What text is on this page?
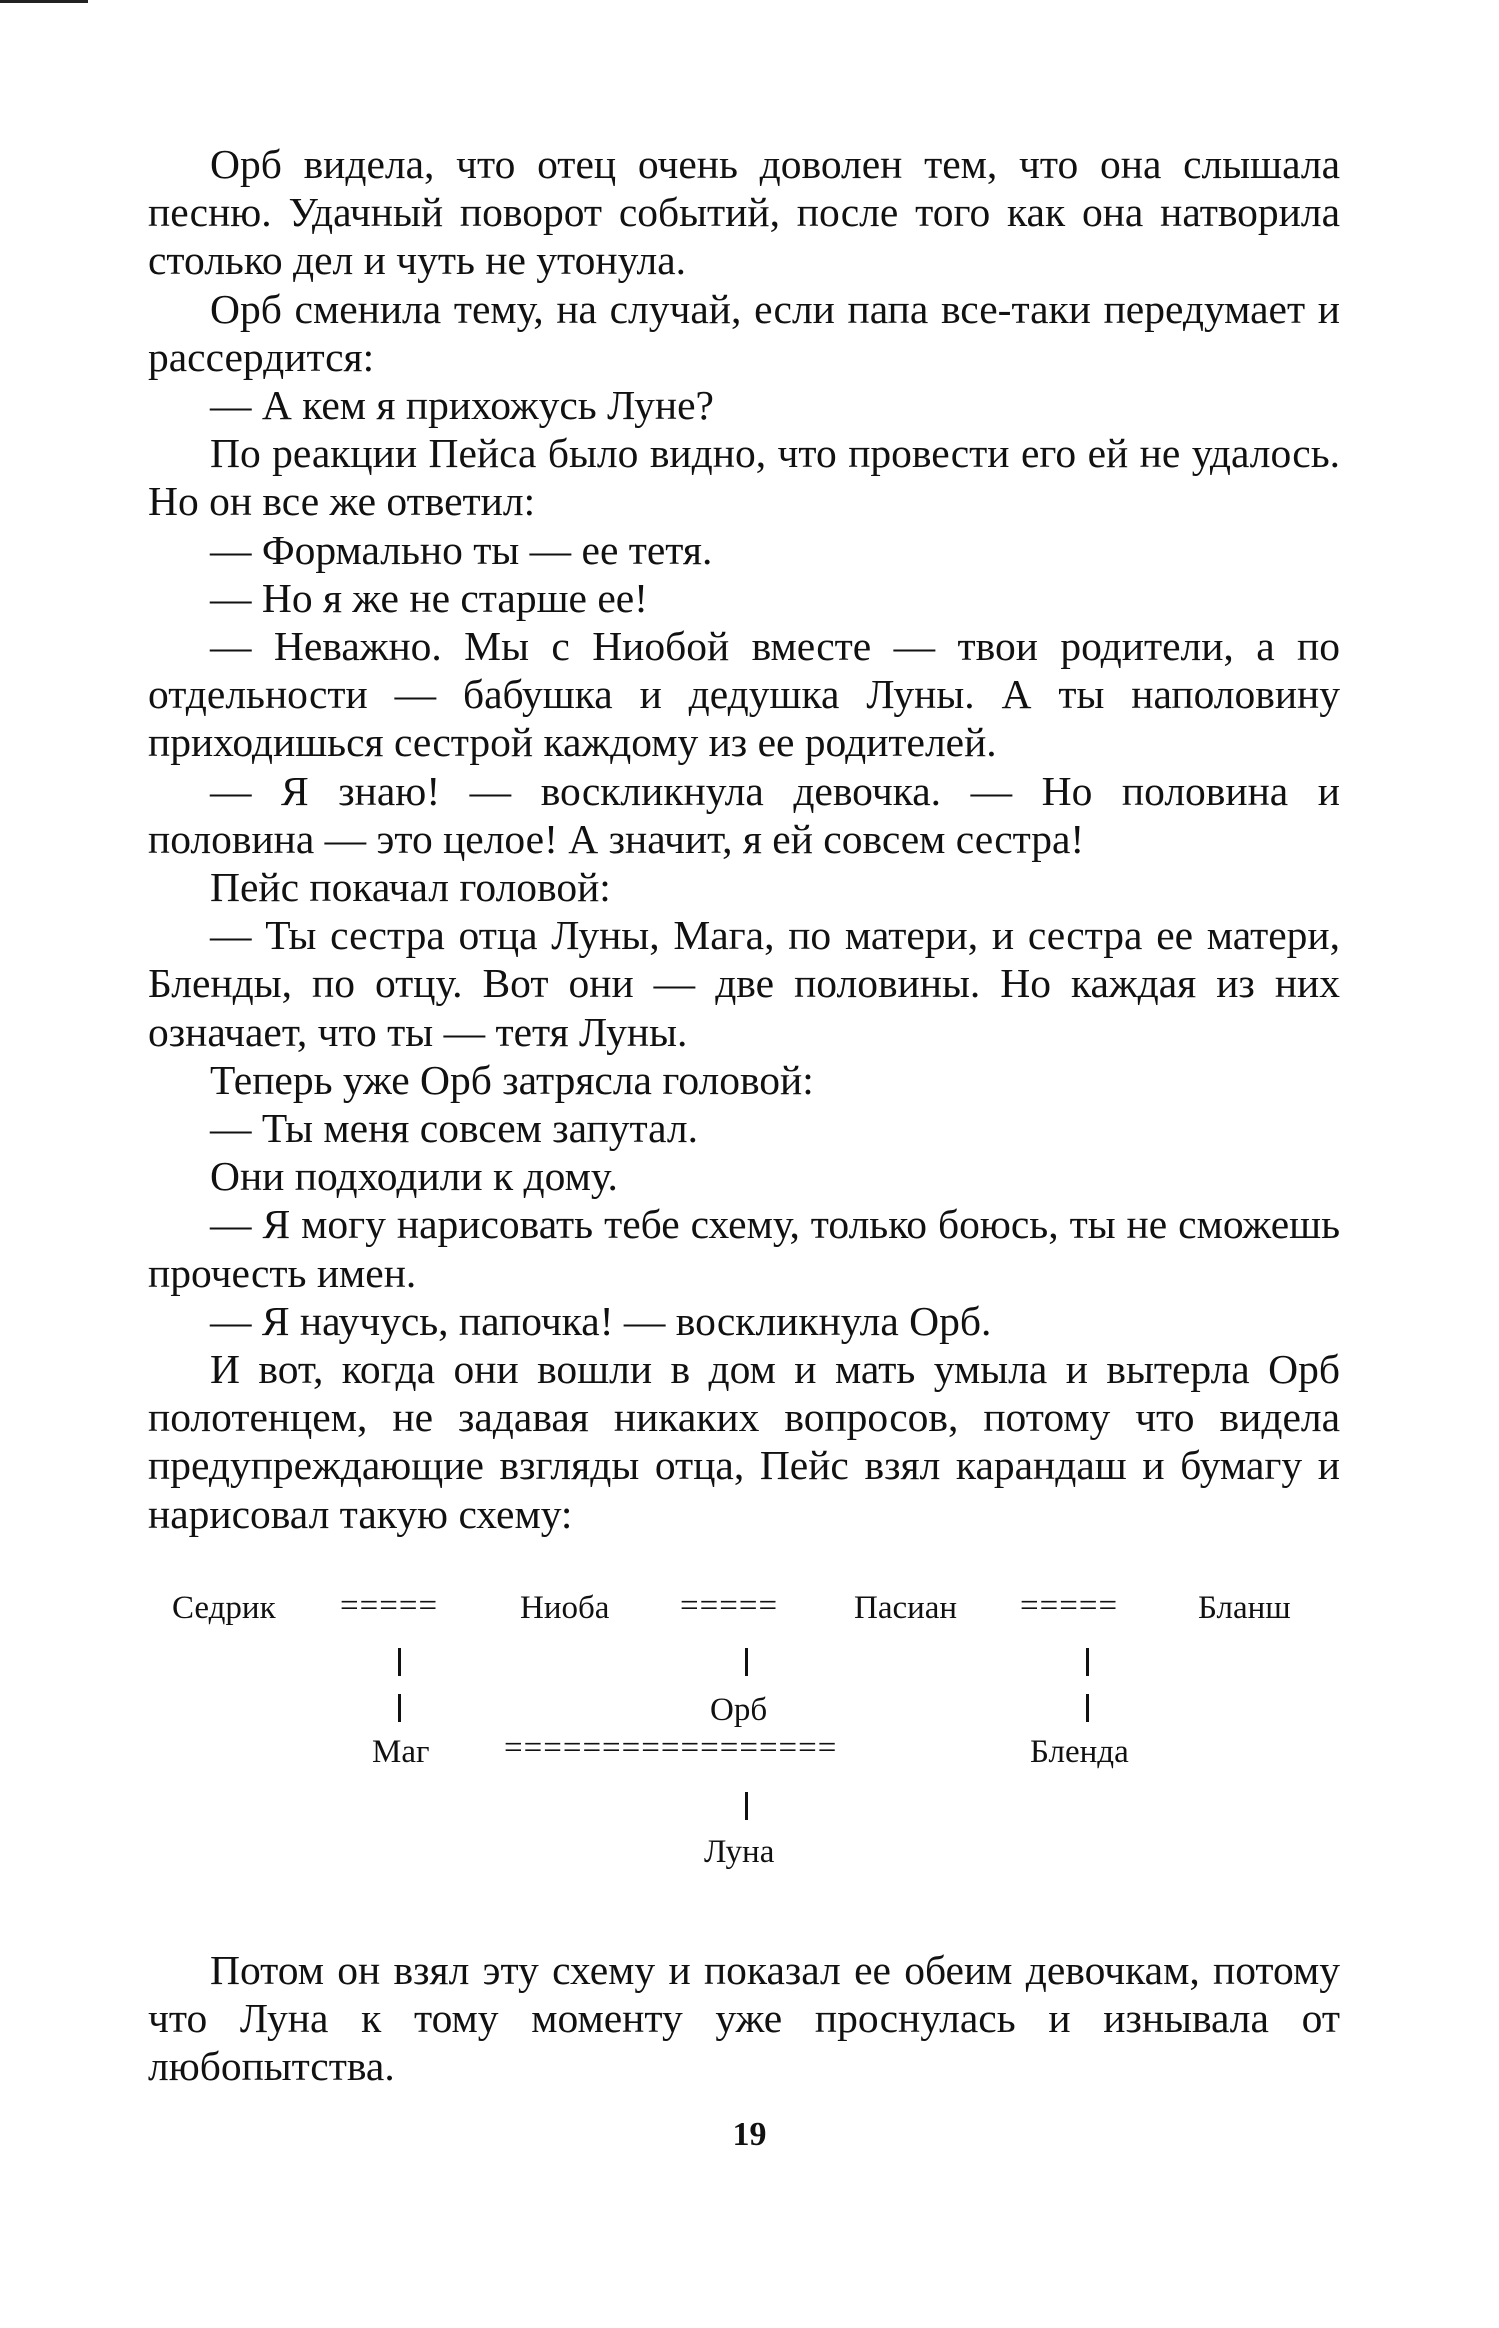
Орб видела, что отец очень доволен тем, что она слышала песню. Удачный поворот событий, после того как она натворила столько дел и чуть не утонула.

Орб сменила тему, на случай, если папа все-таки передумает и рассердится:

— А кем я прихожусь Луне?

По реакции Пейса было видно, что провести его ей не удалось. Но он все же ответил:

— Формально ты — ее тетя.

— Но я же не старше ее!

— Неважно. Мы с Ниобой вместе — твои родители, а по отдельности — бабушка и дедушка Луны. А ты наполовину приходишься сестрой каждому из ее родителей.

— Я знаю! — воскликнула девочка. — Но половина и половина — это целое! А значит, я ей совсем сестра!

Пейс покачал головой:

— Ты сестра отца Луны, Мага, по матери, и сестра ее матери, Бленды, по отцу. Вот они — две половины. Но каждая из них означает, что ты — тетя Луны.

Теперь уже Орб затрясла головой:

— Ты меня совсем запутал.

Они подходили к дому.

— Я могу нарисовать тебе схему, только боюсь, ты не сможешь прочесть имен.

— Я научусь, папочка! — воскликнула Орб.

И вот, когда они вошли в дом и мать умыла и вытерла Орб полотенцем, не задавая никаких вопросов, потому что видела предупреждающие взгляды отца, Пейс взял карандаш и бумагу и нарисовал такую схему:

Седрик ===== Ниоба ===== Пасиан ===== Бланш
Орб
Маг =================	Бленда
Луна

Потом он взял эту схему и показал ее обеим девочкам, потому что Луна к тому моменту уже проснулась и изнывала от любопытства.

19
